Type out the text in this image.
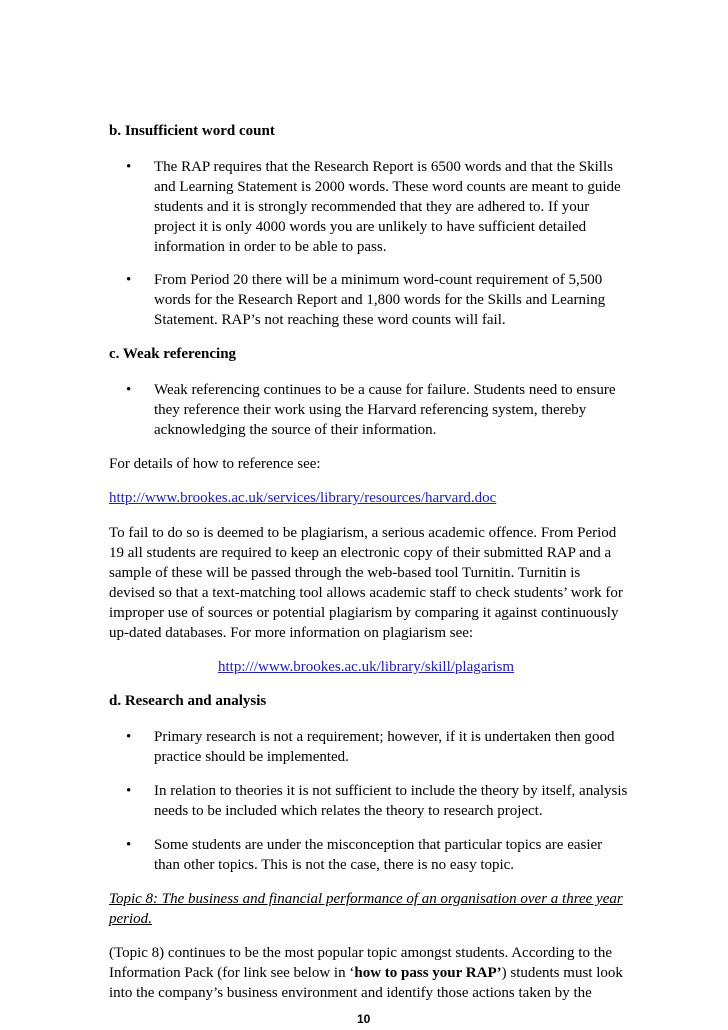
b. Insufficient word count
• The RAP requires that the Research Report is 6500 words and that the Skills
and Learning Statement is 2000 words. These word counts are meant to guide
students and it is strongly recommended that they are adhered to. If your
project it is only 4000 words you are unlikely to have sufficient detailed
information in order to be able to pass.
• From Period 20 there will be a minimum word-count requirement of 5,500
words for the Research Report and 1,800 words for the Skills and Learning
Statement. RAP’s not reaching these word counts will fail.
c. Weak referencing
• Weak referencing continues to be a cause for failure. Students need to ensure
they reference their work using the Harvard referencing system, thereby
acknowledging the source of their information.
For details of how to reference see:
http://www.brookes.ac.uk/services/library/resources/harvard.doc
To fail to do so is deemed to be plagiarism, a serious academic offence. From Period
19 all students are required to keep an electronic copy of their submitted RAP and a
sample of these will be passed through the web-based tool Turnitin. Turnitin is
devised so that a text-matching tool allows academic staff to check students’ work for
improper use of sources or potential plagiarism by comparing it against continuously
up-dated databases. For more information on plagiarism see:
http:///www.brookes.ac.uk/library/skill/plagarism
d. Research and analysis
• Primary research is not a requirement; however, if it is undertaken then good
practice should be implemented.
• In relation to theories it is not sufficient to include the theory by itself, analysis
needs to be included which relates the theory to research project.
• Some students are under the misconception that particular topics are easier
than other topics. This is not the case, there is no easy topic.
Topic 8: The business and financial performance of an organisation over a three year
period.
(Topic 8) continues to be the most popular topic amongst students. According to the
Information Pack (for link see below in ‘how to pass your RAP’) students must look
into the company’s business environment and identify those actions taken by the
10
